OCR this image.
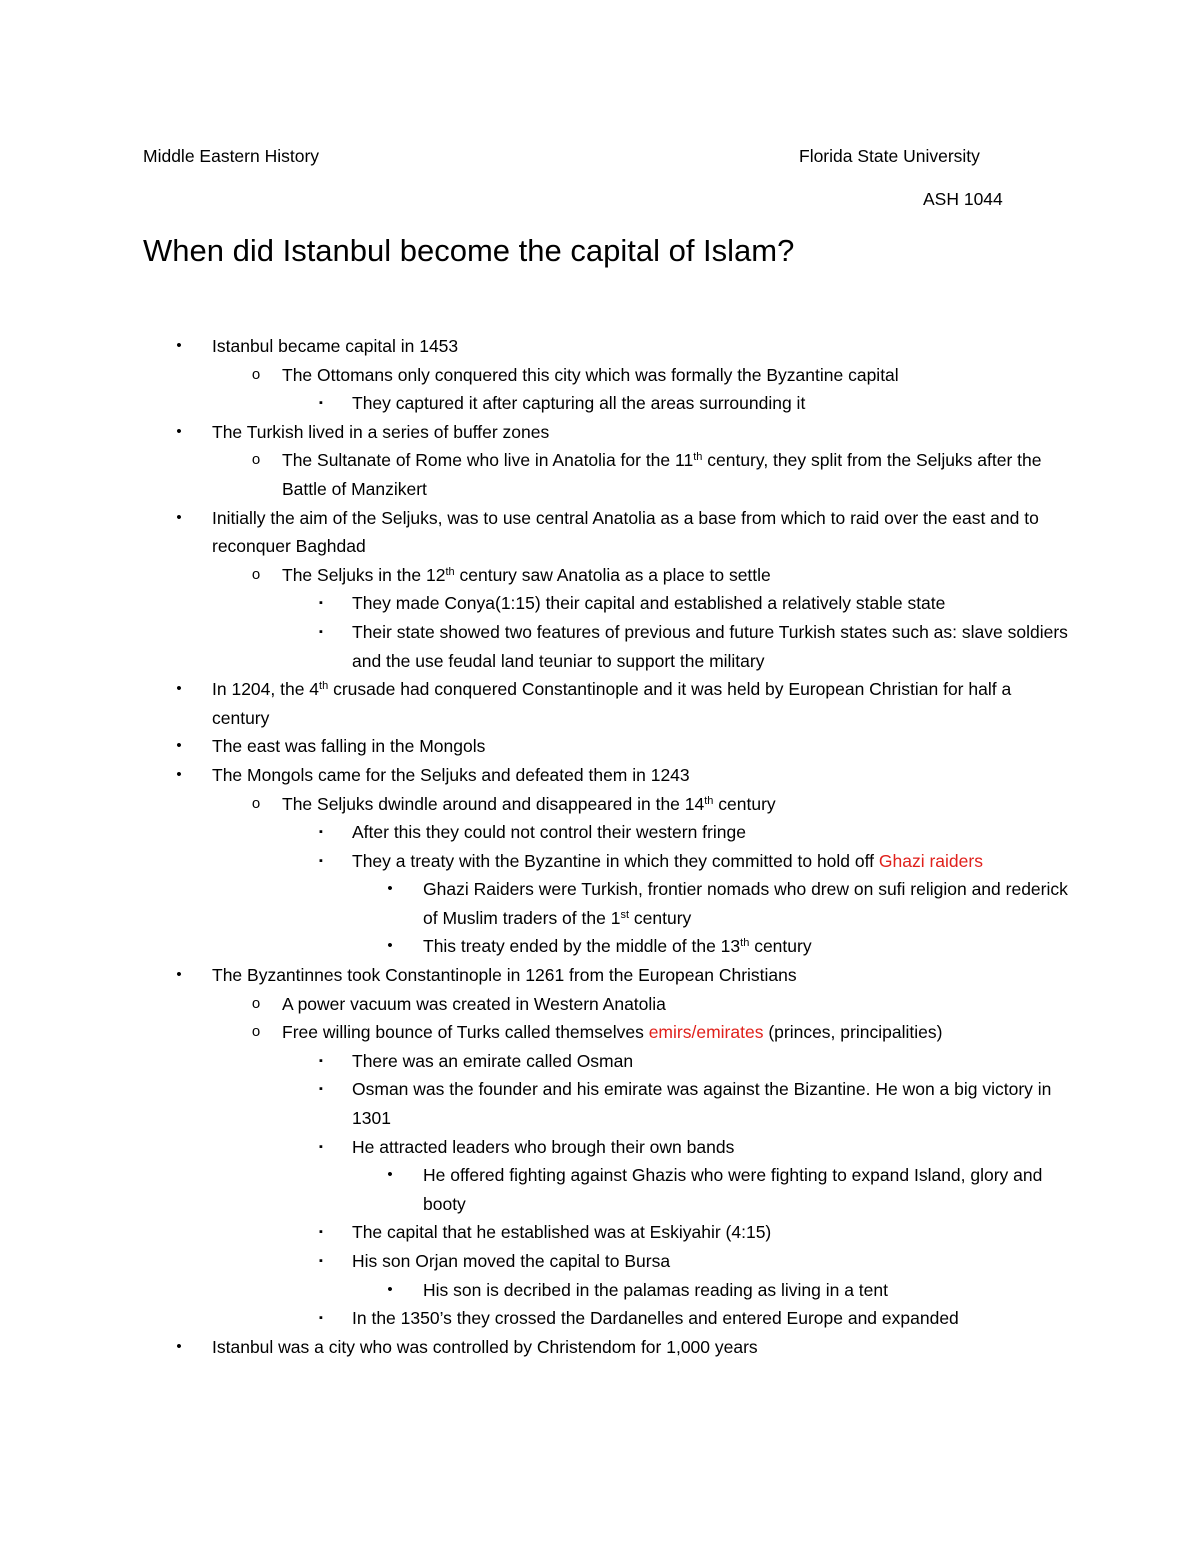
Middle Eastern History	Florida State University
ASH 1044
When did Istanbul become the capital of Islam?
•	Istanbul became capital in 1453
o	The Ottomans only conquered this city which was formally the Byzantine capital
▪	They captured it after capturing all the areas surrounding it
•	The Turkish lived in a series of buffer zones
o	The Sultanate of Rome who live in Anatolia for the 11th century, they split from the Seljuks after the Battle of Manzikert
•	Initially the aim of the Seljuks, was to use central Anatolia as a base from which to raid over the east and to reconquer Baghdad
o	The Seljuks in the 12th century saw Anatolia as a place to settle
▪	They made Conya(1:15) their capital and established a relatively stable state
▪	Their state showed two features of previous and future Turkish states such as: slave soldiers and the use feudal land teuniar to support the military
•	In 1204, the 4th crusade had conquered Constantinople and it was held by European Christian for half a century
•	The east was falling in the Mongols
•	The Mongols came for the Seljuks and defeated them in 1243
o	The Seljuks dwindle around and disappeared in the 14th century
▪	After this they could not control their western fringe
▪	They a treaty with the Byzantine in which they committed to hold off Ghazi raiders
•	Ghazi Raiders were Turkish, frontier nomads who drew on sufi religion and rederick of Muslim traders of the 1st century
•	This treaty ended by the middle of the 13th century
•	The Byzantinnes took Constantinople in 1261 from the European Christians
o	A power vacuum was created in Western Anatolia
o	Free willing bounce of Turks called themselves emirs/emirates (princes, principalities)
▪	There was an emirate called Osman
▪	Osman was the founder and his emirate was against the Bizantine. He won a big victory in 1301
▪	He attracted leaders who brough their own bands
•	He offered fighting against Ghazis who were fighting to expand Island, glory and booty
▪	The capital that he established was at Eskiyahir (4:15)
▪	His son Orjan moved the capital to Bursa
•	His son is decribed in the palamas reading as living in a tent
▪	In the 1350’s they crossed the Dardanelles and entered Europe and expanded
•	Istanbul was a city who was controlled by Christendom for 1,000 years
